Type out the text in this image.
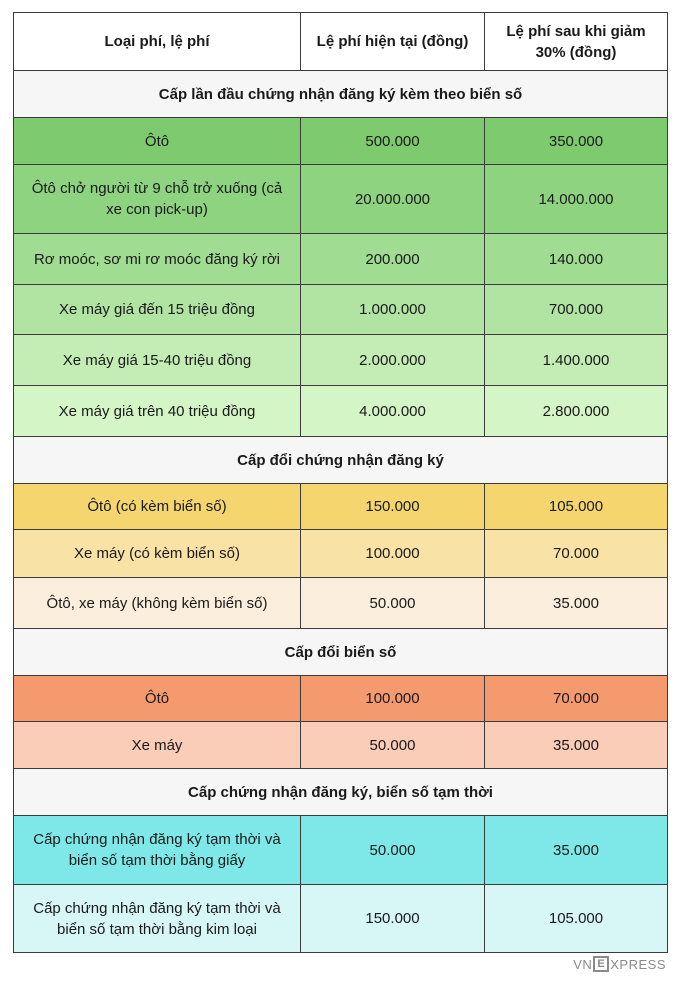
Loại phí, lệ phí	Lệ phí hiện tại (đồng)	Lệ phí sau khi giảm 30% (đồng)
Cấp lần đầu chứng nhận đăng ký kèm theo biển số		
Ôtô	500.000	350.000
Ôtô chở người từ 9 chỗ trở xuống (cả xe con pick-up)	20.000.000	14.000.000
Rơ moóc, sơ mi rơ moóc đăng ký rời	200.000	140.000
Xe máy giá đến 15 triệu đồng	1.000.000	700.000
Xe máy giá 15-40 triệu đồng	2.000.000	1.400.000
Xe máy giá trên 40 triệu đồng	4.000.000	2.800.000
Cấp đổi chứng nhận đăng ký		
Ôtô (có kèm biển số)	150.000	105.000
Xe máy (có kèm biển số)	100.000	70.000
Ôtô, xe máy (không kèm biển số)	50.000	35.000
Cấp đổi biển số		
Ôtô	100.000	70.000
Xe máy	50.000	35.000
Cấp chứng nhận đăng ký, biển số tạm thời		
Cấp chứng nhận đăng ký tạm thời và biển số tạm thời bằng giấy	50.000	35.000
Cấp chứng nhận đăng ký tạm thời và biển số tạm thời bằng kim loại	150.000	105.000
VN E XPRESS
